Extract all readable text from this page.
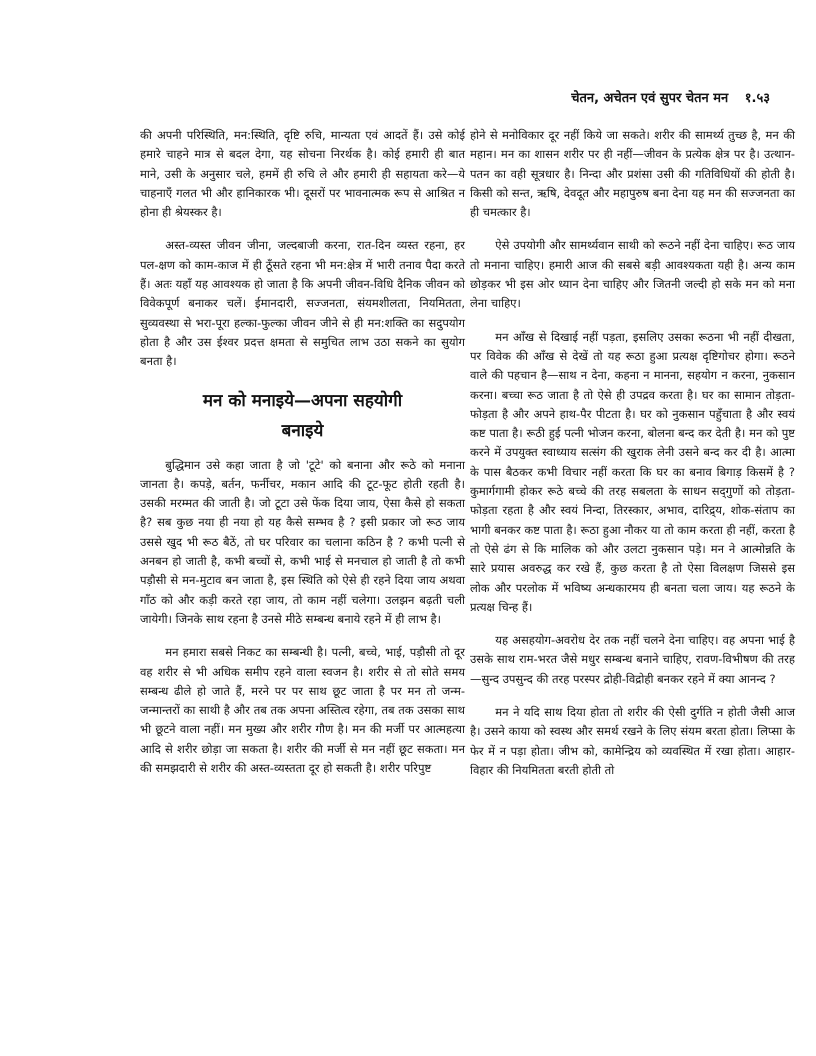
चेतन, अचेतन एवं सुपर चेतन मन १.५३

की अपनी परिस्थिति, मन:स्थिति, दृष्टि रुचि, मान्यता एवं आदतें हैं। उसे कोई हमारे चाहने मात्र से बदल देगा, यह सोचना निरर्थक है। कोई हमारी ही बात माने, उसी के अनुसार चले, हममें ही रुचि ले और हमारी ही सहायता करे—ये चाहनाएँ गलत भी और हानिकारक भी। दूसरों पर भावनात्मक रूप से आश्रित न होना ही श्रेयस्कर है।

अस्त-व्यस्त जीवन जीना, जल्दबाजी करना, रात-दिन व्यस्त रहना, हर पल-क्षण को काम-काज में ही ठूँसते रहना भी मन:क्षेत्र में भारी तनाव पैदा करते हैं। अतः यहाँ यह आवश्यक हो जाता है कि अपनी जीवन-विधि दैनिक जीवन को विवेकपूर्ण बनाकर चलें। ईमानदारी, सज्जनता, संयमशीलता, नियमितता, सुव्यवस्था से भरा-पूरा हल्का-फुल्का जीवन जीने से ही मन:शक्ति का सदुपयोग होता है और उस ईश्वर प्रदत्त क्षमता से समुचित लाभ उठा सकने का सुयोग बनता है।

मन को मनाइये—अपना सहयोगी
बनाइये

बुद्धिमान उसे कहा जाता है जो 'टूटे' को बनाना और रूठे को मनाना जानता है। कपड़े, बर्तन, फर्नीचर, मकान आदि की टूट-फूट होती रहती है। उसकी मरम्मत की जाती है। जो टूटा उसे फेंक दिया जाय, ऐसा कैसे हो सकता है? सब कुछ नया ही नया हो यह कैसे सम्भव है ? इसी प्रकार जो रूठ जाय उससे खुद भी रूठ बैठें, तो घर परिवार का चलाना कठिन है ? कभी पत्नी से अनबन हो जाती है, कभी बच्चों से, कभी भाई से मनचाल हो जाती है तो कभी पड़ौसी से मन-मुटाव बन जाता है, इस स्थिति को ऐसे ही रहने दिया जाय अथवा गाँठ को और कड़ी करते रहा जाय, तो काम नहीं चलेगा। उलझन बढ़ती चली जायेगी। जिनके साथ रहना है उनसे मीठे सम्बन्ध बनाये रहने में ही लाभ है।

मन हमारा सबसे निकट का सम्बन्धी है। पत्नी, बच्चे, भाई, पड़ौसी तो दूर वह शरीर से भी अधिक समीप रहने वाला स्वजन है। शरीर से तो सोते समय सम्बन्ध ढीले हो जाते हैं, मरने पर पर साथ छूट जाता है पर मन तो जन्म-जन्मान्तरों का साथी है और तब तक अपना अस्तित्व रहेगा, तब तक उसका साथ भी छूटने वाला नहीं। मन मुख्य और शरीर गौण है। मन की मर्जी पर आत्महत्या आदि से शरीर छोड़ा जा सकता है। शरीर की मर्जी से मन नहीं छूट सकता। मन की समझदारी से शरीर की अस्त-व्यस्तता दूर हो सकती है। शरीर परिपुष्ट

होने से मनोविकार दूर नहीं किये जा सकते। शरीर की सामर्थ्य तुच्छ है, मन की महान। मन का शासन शरीर पर ही नहीं—जीवन के प्रत्येक क्षेत्र पर है। उत्थान-पतन का वही सूत्रधार है। निन्दा और प्रशंसा उसी की गतिविधियों की होती है। किसी को सन्त, ऋषि, देवदूत और महापुरुष बना देना यह मन की सज्जनता का ही चमत्कार है।

ऐसे उपयोगी और सामर्थ्यवान साथी को रूठने नहीं देना चाहिए। रूठ जाय तो मनाना चाहिए। हमारी आज की सबसे बड़ी आवश्यकता यही है। अन्य काम छोड़कर भी इस ओर ध्यान देना चाहिए और जितनी जल्दी हो सके मन को मना लेना चाहिए।

मन आँख से दिखाई नहीं पड़ता, इसलिए उसका रूठना भी नहीं दीखता, पर विवेक की आँख से देखें तो यह रूठा हुआ प्रत्यक्ष दृष्टिगोचर होगा। रूठने वाले की पहचान है—साथ न देना, कहना न मानना, सहयोग न करना, नुकसान करना। बच्चा रूठ जाता है तो ऐसे ही उपद्रव करता है। घर का सामान तोड़ता-फोड़ता है और अपने हाथ-पैर पीटता है। घर को नुकसान पहुँचाता है और स्वयं कष्ट पाता है। रूठी हुई पत्नी भोजन करना, बोलना बन्द कर देती है। मन को पुष्ट करने में उपयुक्त स्वाध्याय सत्संग की खुराक लेनी उसने बन्द कर दी है। आत्मा के पास बैठकर कभी विचार नहीं करता कि घर का बनाव बिगाड़ किसमें है ? कुमार्गगामी होकर रूठे बच्चे की तरह सबलता के साधन सद्‌गुणों को तोड़ता-फोड़ता रहता है और स्वयं निन्दा, तिरस्कार, अभाव, दारिद्र्य, शोक-संताप का भागी बनकर कष्ट पाता है। रूठा हुआ नौकर या तो काम करता ही नहीं, करता है तो ऐसे ढंग से कि मालिक को और उलटा नुकसान पड़े। मन ने आत्मोन्नति के सारे प्रयास अवरुद्ध कर रखे हैं, कुछ करता है तो ऐसा विलक्षण जिससे इस लोक और परलोक में भविष्य अन्धकारमय ही बनता चला जाय। यह रूठने के प्रत्यक्ष चिन्ह हैं।

यह असहयोग-अवरोध देर तक नहीं चलने देना चाहिए। वह अपना भाई है उसके साथ राम-भरत जैसे मधुर सम्बन्ध बनाने चाहिए, रावण-विभीषण की तरह—सुन्द उपसुन्द की तरह परस्पर द्रोही-विद्रोही बनकर रहने में क्या आनन्द ?

मन ने यदि साथ दिया होता तो शरीर की ऐसी दुर्गति न होती जैसी आज है। उसने काया को स्वस्थ और समर्थ रखने के लिए संयम बरता होता। लिप्सा के फेर में न पड़ा होता। जीभ को, कामेन्द्रिय को व्यवस्थित में रखा होता। आहार-विहार की नियमितता बरती होती तो
